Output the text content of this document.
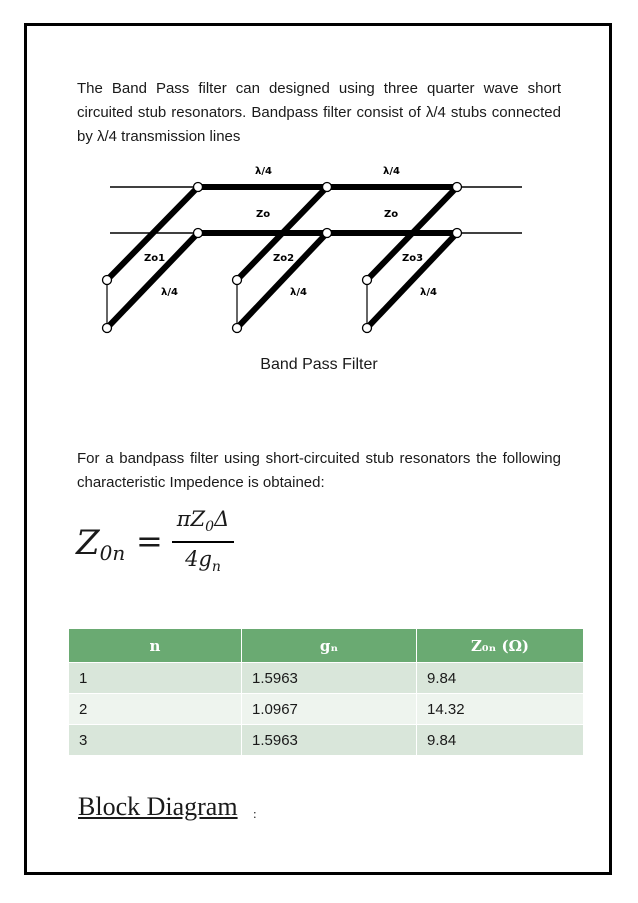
The Band Pass filter can designed using three quarter wave short circuited stub resonators. Bandpass filter consist of λ/4 stubs connected by λ/4 transmission lines

λ/4	λ/4
Zo	Zo
Zo1	Zo2	Zo3
λ/4	λ/4	λ/4
Band Pass Filter

For a bandpass filter using short-circuited stub resonators the following characteristic Impedence is obtained:

$Z_{0n}$ =
$\pi Z_0\Delta$
$4g_n$
n	gₙ	Z₀ₙ (Ω)
1	1.5963	9.84
2	1.0967	14.32
3	1.5963	9.84
Block Diagram :
